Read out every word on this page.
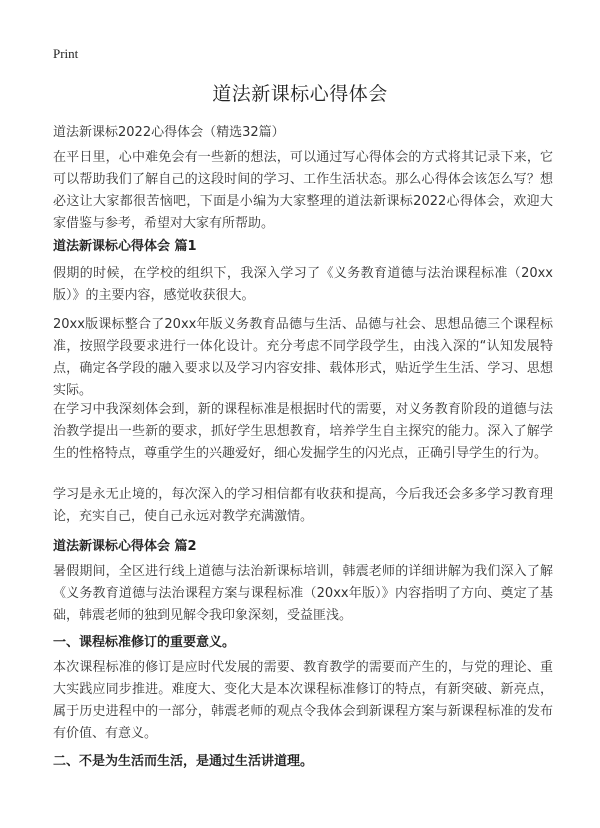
Print
道法新课标心得体会
道法新课标2022心得体会（精选32篇）

在平日里，心中难免会有一些新的想法，可以通过写心得体会的方式将其记录下来，它可以帮助我们了解自己的这段时间的学习、工作生活状态。那么心得体会该怎么写？想必这让大家都很苦恼吧，下面是小编为大家整理的道法新课标2022心得体会，欢迎大家借鉴与参考，希望对大家有所帮助。

道法新课标心得体会 篇1

假期的时候，在学校的组织下，我深入学习了《义务教育道德与法治课程标准（20xx版）》的主要内容，感觉收获很大。

20xx版课标整合了20xx年版义务教育品德与生活、品德与社会、思想品德三个课程标准，按照学段要求进行一体化设计。充分考虑不同学段学生，由浅入深的“认知发展特点，确定各学段的融入要求以及学习内容安排、载体形式，贴近学生生活、学习、思想实际。

在学习中我深刻体会到，新的课程标准是根据时代的需要，对义务教育阶段的道德与法治教学提出一些新的要求，抓好学生思想教育，培养学生自主探究的能力。深入了解学生的性格特点，尊重学生的兴趣爱好，细心发掘学生的闪光点，正确引导学生的行为。

学习是永无止境的，每次深入的学习相信都有收获和提高，今后我还会多多学习教育理论，充实自己，使自己永远对教学充满激情。

道法新课标心得体会 篇2

暑假期间，全区进行线上道德与法治新课标培训，韩震老师的详细讲解为我们深入了解《义务教育道德与法治课程方案与课程标准（20xx年版）》内容指明了方向、奠定了基础，韩震老师的独到见解令我印象深刻，受益匪浅。

一、课程标准修订的重要意义。

本次课程标准的修订是应时代发展的需要、教育教学的需要而产生的，与党的理论、重大实践应同步推进。难度大、变化大是本次课程标准修订的特点，有新突破、新亮点，属于历史进程中的一部分，韩震老师的观点令我体会到新课程方案与新课程标准的发布有价值、有意义。

二、不是为生活而生活，是通过生活讲道理。
